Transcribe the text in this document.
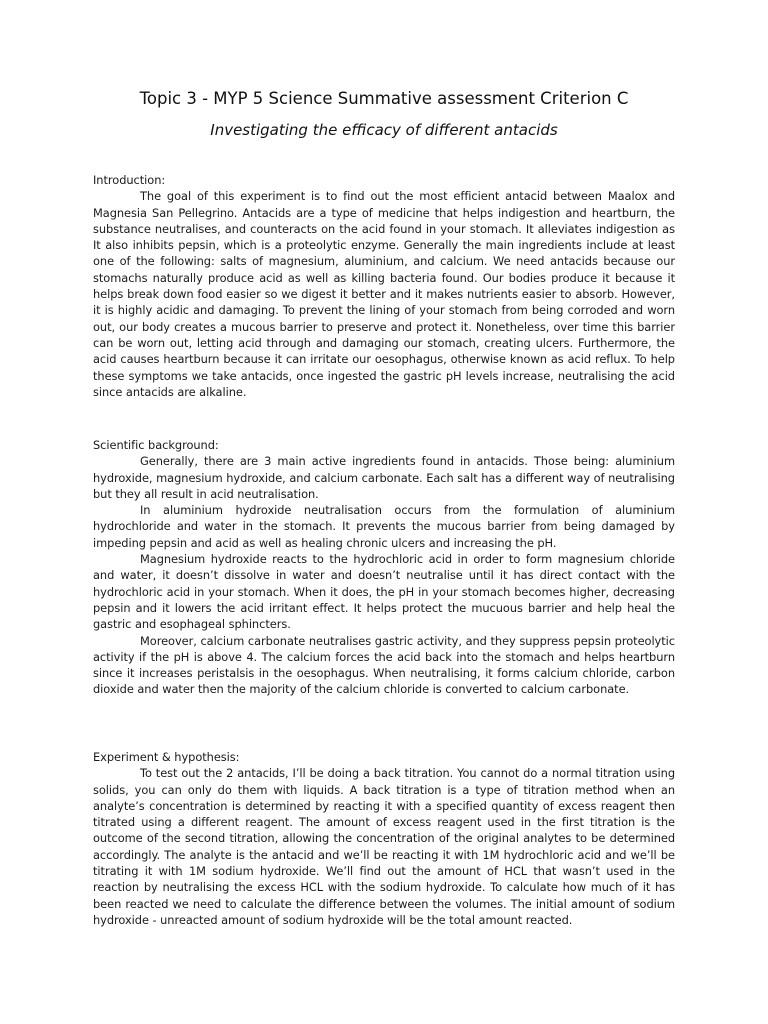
Topic 3 - MYP 5 Science Summative assessment Criterion C
Investigating the efficacy of different antacids

Introduction:

The goal of this experiment is to find out the most efficient antacid between Maalox and Magnesia San Pellegrino. Antacids are a type of medicine that helps indigestion and heartburn, the substance neutralises, and counteracts on the acid found in your stomach. It alleviates indigestion as It also inhibits pepsin, which is a proteolytic enzyme. Generally the main ingredients include at least one of the following: salts of magnesium, aluminium, and calcium. We need antacids because our stomachs naturally produce acid as well as killing bacteria found. Our bodies produce it because it helps break down food easier so we digest it better and it makes nutrients easier to absorb. However, it is highly acidic and damaging. To prevent the lining of your stomach from being corroded and worn out, our body creates a mucous barrier to preserve and protect it. Nonetheless, over time this barrier can be worn out, letting acid through and damaging our stomach, creating ulcers. Furthermore, the acid causes heartburn because it can irritate our oesophagus, otherwise known as acid reflux. To help these symptoms we take antacids, once ingested the gastric pH levels increase, neutralising the acid since antacids are alkaline.

Scientific background:

Generally, there are 3 main active ingredients found in antacids. Those being: aluminium hydroxide, magnesium hydroxide, and calcium carbonate. Each salt has a different way of neutralising but they all result in acid neutralisation.

In aluminium hydroxide neutralisation occurs from the formulation of aluminium hydrochloride and water in the stomach. It prevents the mucous barrier from being damaged by impeding pepsin and acid as well as healing chronic ulcers and increasing the pH.

Magnesium hydroxide reacts to the hydrochloric acid in order to form magnesium chloride and water, it doesn’t dissolve in water and doesn’t neutralise until it has direct contact with the hydrochloric acid in your stomach. When it does, the pH in your stomach becomes higher, decreasing pepsin and it lowers the acid irritant effect. It helps protect the mucuous barrier and help heal the gastric and esophageal sphincters.

Moreover, calcium carbonate neutralises gastric activity, and they suppress pepsin proteolytic activity if the pH is above 4. The calcium forces the acid back into the stomach and helps heartburn since it increases peristalsis in the oesophagus. When neutralising, it forms calcium chloride, carbon dioxide and water then the majority of the calcium chloride is converted to calcium carbonate.

Experiment & hypothesis:

To test out the 2 antacids, I’ll be doing a back titration. You cannot do a normal titration using solids, you can only do them with liquids. A back titration is a type of titration method when an analyte’s concentration is determined by reacting it with a specified quantity of excess reagent then titrated using a different reagent. The amount of excess reagent used in the first titration is the outcome of the second titration, allowing the concentration of the original analytes to be determined accordingly. The analyte is the antacid and we’ll be reacting it with 1M hydrochloric acid and we’ll be titrating it with 1M sodium hydroxide. We’ll find out the amount of HCL that wasn’t used in the reaction by neutralising the excess HCL with the sodium hydroxide. To calculate how much of it has been reacted we need to calculate the difference between the volumes. The initial amount of sodium hydroxide - unreacted amount of sodium hydroxide will be the total amount reacted.
